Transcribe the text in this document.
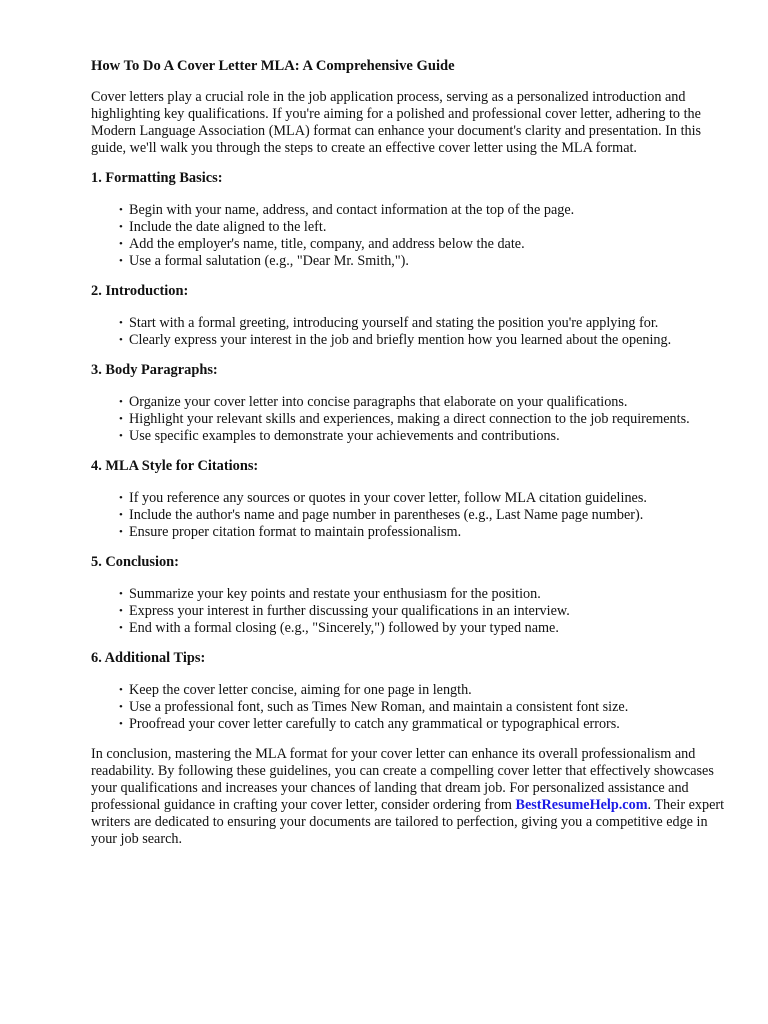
How To Do A Cover Letter MLA: A Comprehensive Guide

Cover letters play a crucial role in the job application process, serving as a personalized introduction and highlighting key qualifications. If you're aiming for a polished and professional cover letter, adhering to the Modern Language Association (MLA) format can enhance your document's clarity and presentation. In this guide, we'll walk you through the steps to create an effective cover letter using the MLA format.

1. Formatting Basics:

• Begin with your name, address, and contact information at the top of the page.
• Include the date aligned to the left.
• Add the employer's name, title, company, and address below the date.
• Use a formal salutation (e.g., "Dear Mr. Smith,").

2. Introduction:

• Start with a formal greeting, introducing yourself and stating the position you're applying for.
• Clearly express your interest in the job and briefly mention how you learned about the opening.

3. Body Paragraphs:

• Organize your cover letter into concise paragraphs that elaborate on your qualifications.
• Highlight your relevant skills and experiences, making a direct connection to the job requirements.
• Use specific examples to demonstrate your achievements and contributions.

4. MLA Style for Citations:

• If you reference any sources or quotes in your cover letter, follow MLA citation guidelines.
• Include the author's name and page number in parentheses (e.g., Last Name page number).
• Ensure proper citation format to maintain professionalism.

5. Conclusion:

• Summarize your key points and restate your enthusiasm for the position.
• Express your interest in further discussing your qualifications in an interview.
• End with a formal closing (e.g., "Sincerely,") followed by your typed name.

6. Additional Tips:

• Keep the cover letter concise, aiming for one page in length.
• Use a professional font, such as Times New Roman, and maintain a consistent font size.
• Proofread your cover letter carefully to catch any grammatical or typographical errors.

In conclusion, mastering the MLA format for your cover letter can enhance its overall professionalism and readability. By following these guidelines, you can create a compelling cover letter that effectively showcases your qualifications and increases your chances of landing that dream job. For personalized assistance and professional guidance in crafting your cover letter, consider ordering from BestResumeHelp.com. Their expert writers are dedicated to ensuring your documents are tailored to perfection, giving you a competitive edge in your job search.
